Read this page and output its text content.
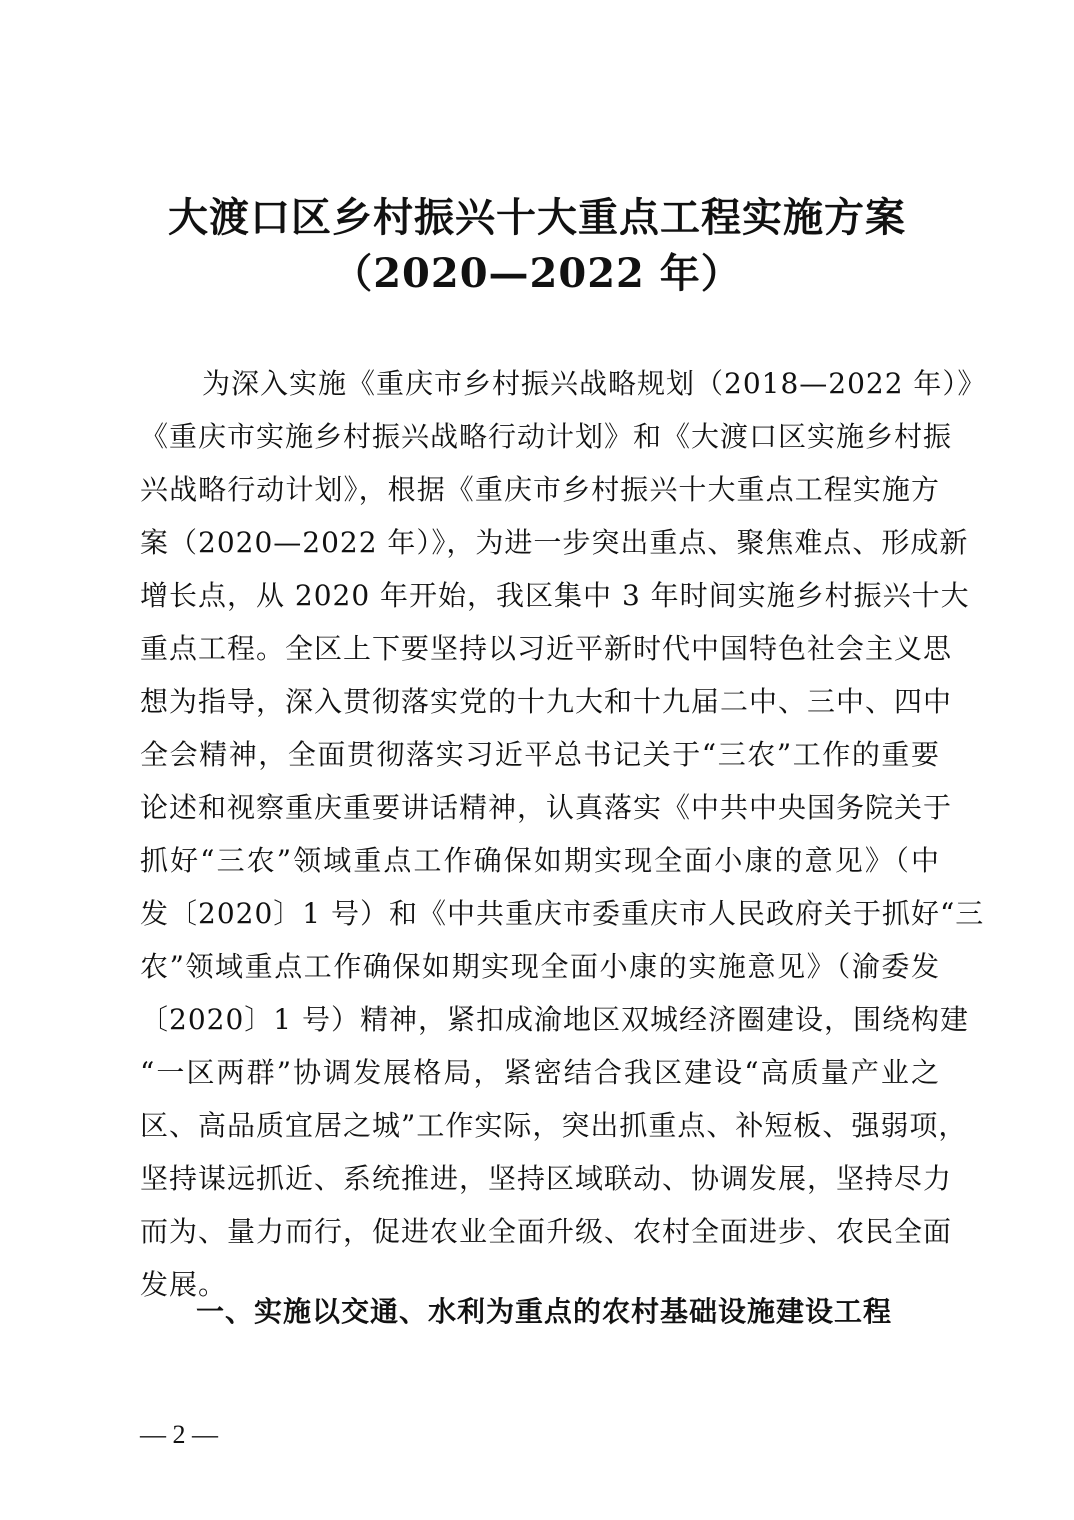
大渡口区乡村振兴十大重点工程实施方案
（2020—2022 年）
为深入实施《重庆市乡村振兴战略规划（2018—2022 年）》
《重庆市实施乡村振兴战略行动计划》和《大渡口区实施乡村振
兴战略行动计划》，根据《重庆市乡村振兴十大重点工程实施方
案（2020—2022 年）》，为进一步突出重点、聚焦难点、形成新
增长点，从 2020 年开始，我区集中 3 年时间实施乡村振兴十大
重点工程。全区上下要坚持以习近平新时代中国特色社会主义思
想为指导，深入贯彻落实党的十九大和十九届二中、三中、四中
全会精神，全面贯彻落实习近平总书记关于“三农”工作的重要
论述和视察重庆重要讲话精神，认真落实《中共中央国务院关于
抓好“三农”领域重点工作确保如期实现全面小康的意见》（中
发〔2020〕1 号）和《中共重庆市委重庆市人民政府关于抓好“三
农”领域重点工作确保如期实现全面小康的实施意见》（渝委发
〔2020〕1 号）精神，紧扣成渝地区双城经济圈建设，围绕构建
“一区两群”协调发展格局，紧密结合我区建设“高质量产业之
区、高品质宜居之城”工作实际，突出抓重点、补短板、强弱项，
坚持谋远抓近、系统推进，坚持区域联动、协调发展，坚持尽力
而为、量力而行，促进农业全面升级、农村全面进步、农民全面
发展。
一、实施以交通、水利为重点的农村基础设施建设工程
— 2 —
